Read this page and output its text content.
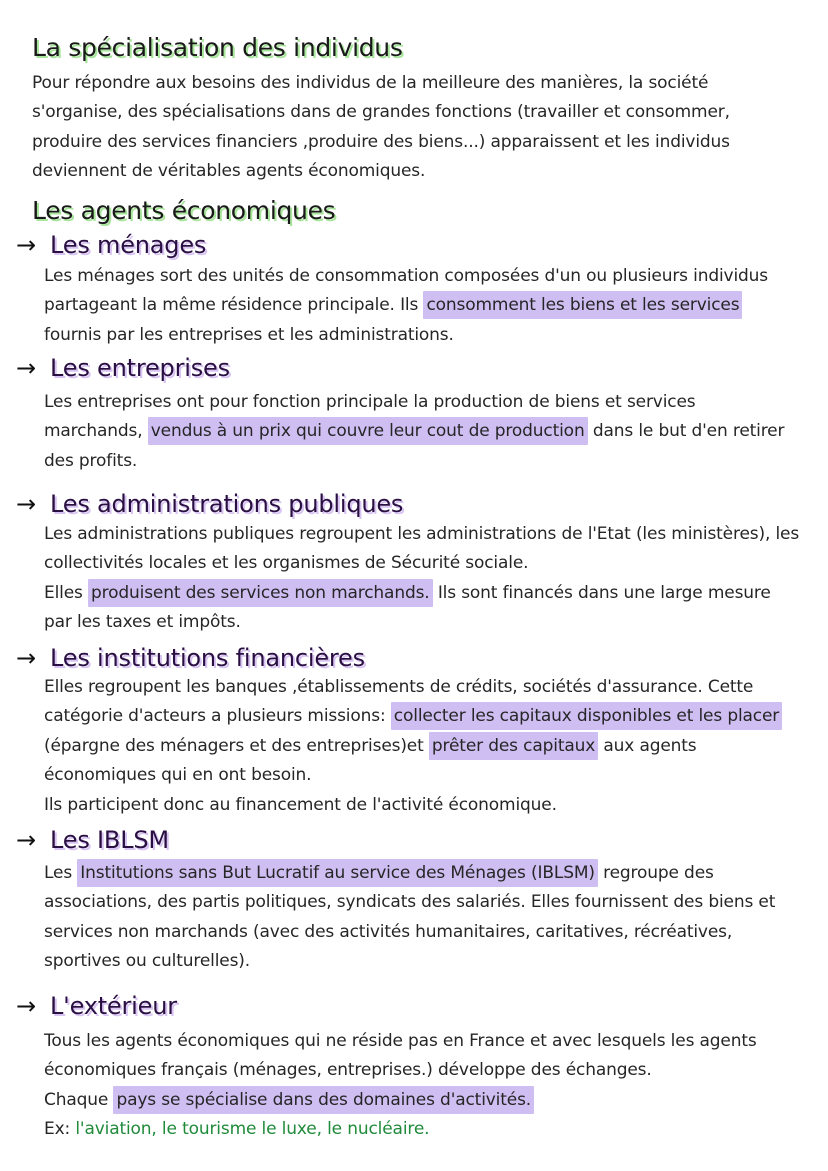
La spécialisation des individus
Pour répondre aux besoins des individus de la meilleure des manières, la société
s'organise, des spécialisations dans de grandes fonctions (travailler et consommer,
produire des services financiers ,produire des biens...) apparaissent et les individus
deviennent de véritables agents économiques.
Les agents économiques
→ Les ménages
Les ménages sort des unités de consommation composées d'un ou plusieurs individus
partageant la même résidence principale. Ils consomment les biens et les services
fournis par les entreprises et les administrations.
→ Les entreprises
Les entreprises ont pour fonction principale la production de biens et services
marchands, vendus à un prix qui couvre leur cout de production dans le but d'en retirer
des profits.
→ Les administrations publiques
Les administrations publiques regroupent les administrations de l'Etat (les ministères), les
collectivités locales et les organismes de Sécurité sociale.
Elles produisent des services non marchands. Ils sont financés dans une large mesure
par les taxes et impôts.
→ Les institutions financières
Elles regroupent les banques ,établissements de crédits, sociétés d'assurance. Cette
catégorie d'acteurs a plusieurs missions: collecter les capitaux disponibles et les placer
(épargne des ménagers et des entreprises)et prêter des capitaux aux agents
économiques qui en ont besoin.
Ils participent donc au financement de l'activité économique.
→ Les IBLSM
Les Institutions sans But Lucratif au service des Ménages (IBLSM) regroupe des
associations, des partis politiques, syndicats des salariés. Elles fournissent des biens et
services non marchands (avec des activités humanitaires, caritatives, récréatives,
sportives ou culturelles).
→ L'extérieur
Tous les agents économiques qui ne réside pas en France et avec lesquels les agents
économiques français (ménages, entreprises.) développe des échanges.
Chaque pays se spécialise dans des domaines d'activités.
Ex: l'aviation, le tourisme le luxe, le nucléaire.
